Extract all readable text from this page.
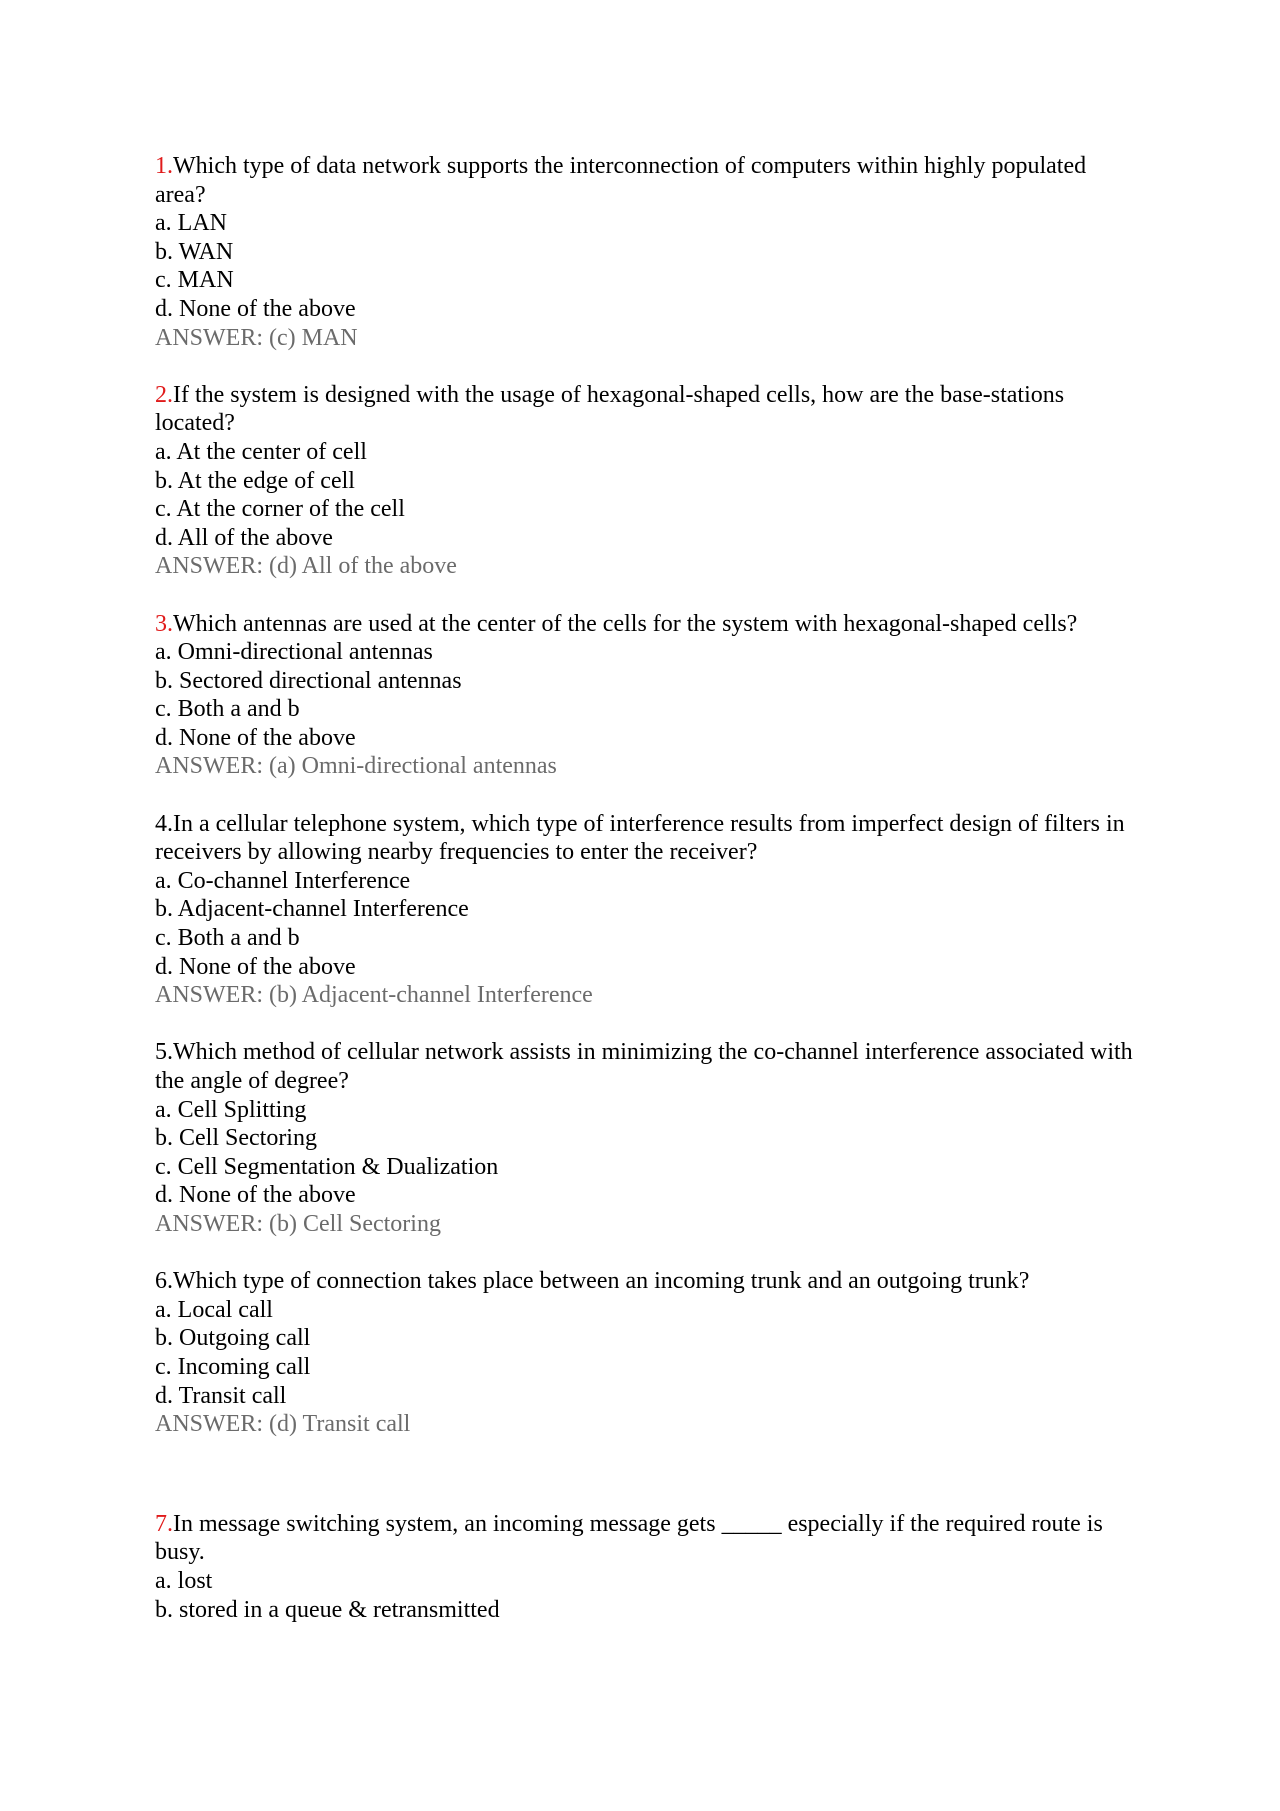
1.Which type of data network supports the interconnection of computers within highly populated area?
a. LAN
b. WAN
c. MAN
d. None of the above
ANSWER: (c) MAN
2.If the system is designed with the usage of hexagonal-shaped cells, how are the base-stations located?
a. At the center of cell
b. At the edge of cell
c. At the corner of the cell
d. All of the above
ANSWER: (d) All of the above
3.Which antennas are used at the center of the cells for the system with hexagonal-shaped cells?
a. Omni-directional antennas
b. Sectored directional antennas
c. Both a and b
d. None of the above
ANSWER: (a) Omni-directional antennas
4.In a cellular telephone system, which type of interference results from imperfect design of filters in receivers by allowing nearby frequencies to enter the receiver?
a. Co-channel Interference
b. Adjacent-channel Interference
c. Both a and b
d. None of the above
ANSWER: (b) Adjacent-channel Interference
5.Which method of cellular network assists in minimizing the co-channel interference associated with the angle of degree?
a. Cell Splitting
b. Cell Sectoring
c. Cell Segmentation & Dualization
d. None of the above
ANSWER: (b) Cell Sectoring
6.Which type of connection takes place between an incoming trunk and an outgoing trunk?
a. Local call
b. Outgoing call
c. Incoming call
d. Transit call
ANSWER: (d) Transit call
7.In message switching system, an incoming message gets _____ especially if the required route is busy.
a. lost
b. stored in a queue & retransmitted
